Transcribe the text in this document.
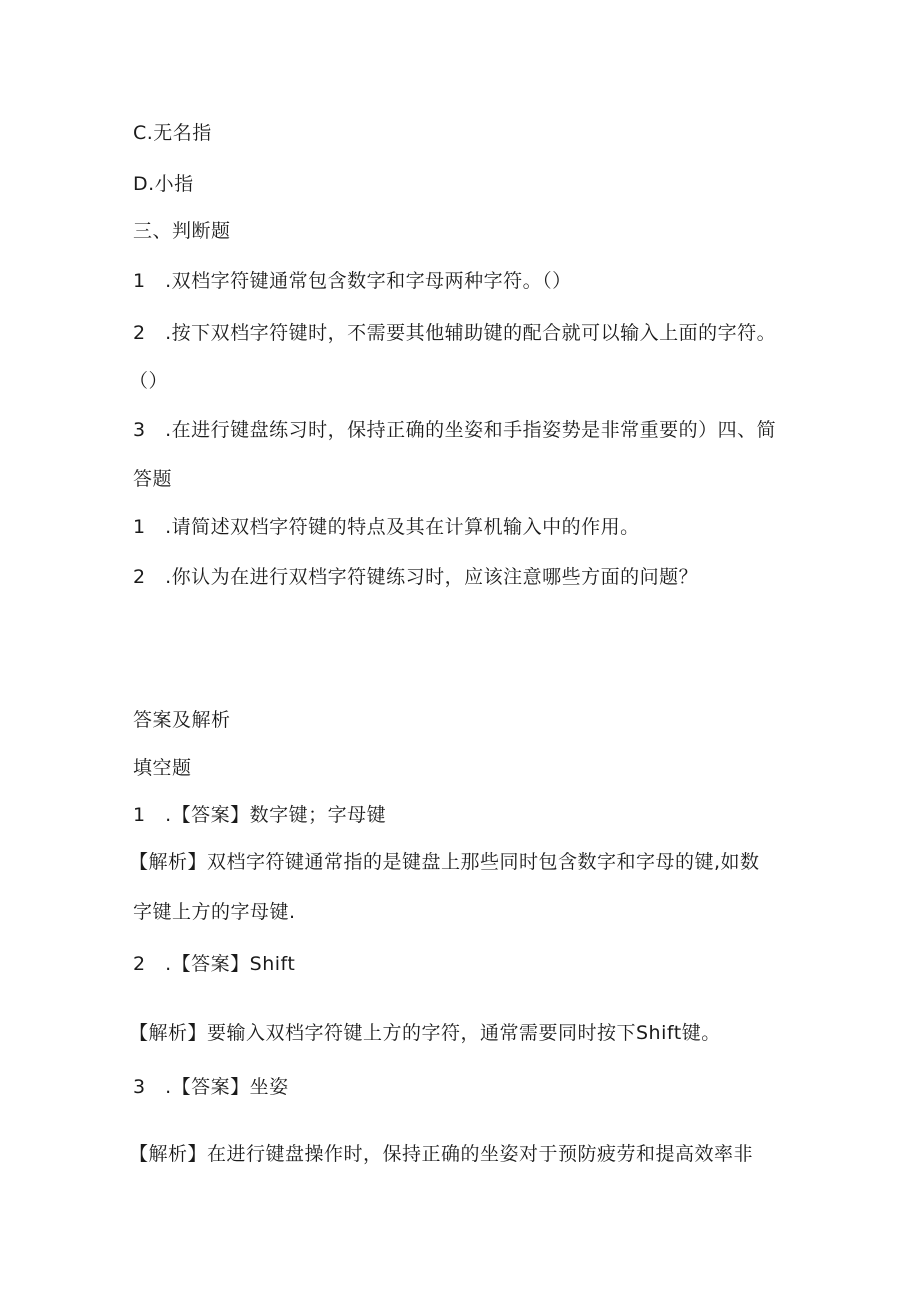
C.无名指
D.小指
三、判断题
1　.双档字符键通常包含数字和字母两种字符。（）
2　.按下双档字符键时，不需要其他辅助键的配合就可以输入上面的字符。
（）
3　.在进行键盘练习时，保持正确的坐姿和手指姿势是非常重要的）四、简
答题
1　.请简述双档字符键的特点及其在计算机输入中的作用。
2　.你认为在进行双档字符键练习时，应该注意哪些方面的问题？
答案及解析
填空题
1　.【答案】数字键；字母键
【解析】双档字符键通常指的是键盘上那些同时包含数字和字母的键,如数
字键上方的字母键.
2　.【答案】Shift
【解析】要输入双档字符键上方的字符，通常需要同时按下Shift键。
3　.【答案】坐姿
【解析】在进行键盘操作时，保持正确的坐姿对于预防疲劳和提高效率非
